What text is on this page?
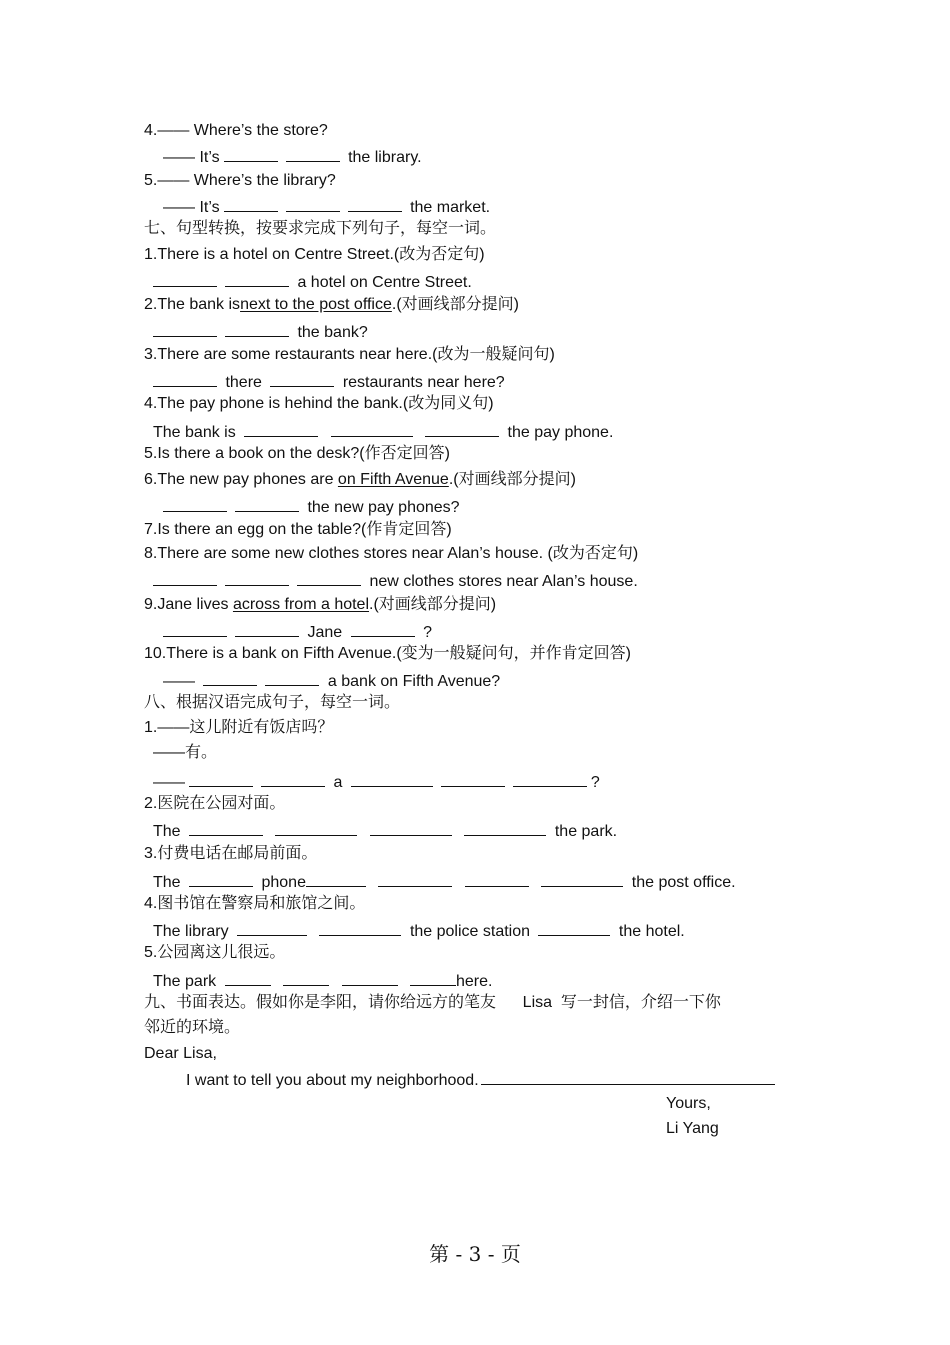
4.—— Where’s the store?
—— It’s	the library.
5.—— Where’s the library?
—— It’s	the market.
七、句型转换，按要求完成下列句子，每空一词。
1.There is a hotel on Centre Street.(改为否定句)
a hotel on Centre Street.
2.The bank isnext to the post office.(对画线部分提问)
the bank?
3.There are some restaurants near here.(改为一般疑问句)
there	restaurants near here?
4.The pay phone is hehind the bank.(改为同义句)
The bank is	the pay phone.
5.Is there a book on the desk?(作否定回答)
6.The new pay phones are on Fifth Avenue.(对画线部分提问)
the new pay phones?
7.Is there an egg on the table?(作肯定回答)
8.There are some new clothes stores near Alan’s house. (改为否定句)
new clothes stores near Alan’s house.
9.Jane lives across from a hotel.(对画线部分提问)
Jane	?
10.There is a bank on Fifth Avenue.(变为一般疑问句，并作肯定回答)
——	a bank on Fifth Avenue?
八、根据汉语完成句子，每空一词。
1.——这儿附近有饭店吗？
——有。
——	a	?
2.医院在公园对面。
The	the park.
3.付费电话在邮局前面。
The	phone	the post office.
4.图书馆在警察局和旅馆之间。
The library	the police station	the hotel.
5.公园离这儿很远。
The park	here.
九、书面表达。假如你是李阳，请你给远方的笔友      Lisa  写一封信，介绍一下你
邻近的环境。
Dear Lisa,
I want to tell you about my neighborhood.
Yours,
Li Yang
第 - 3 - 页
